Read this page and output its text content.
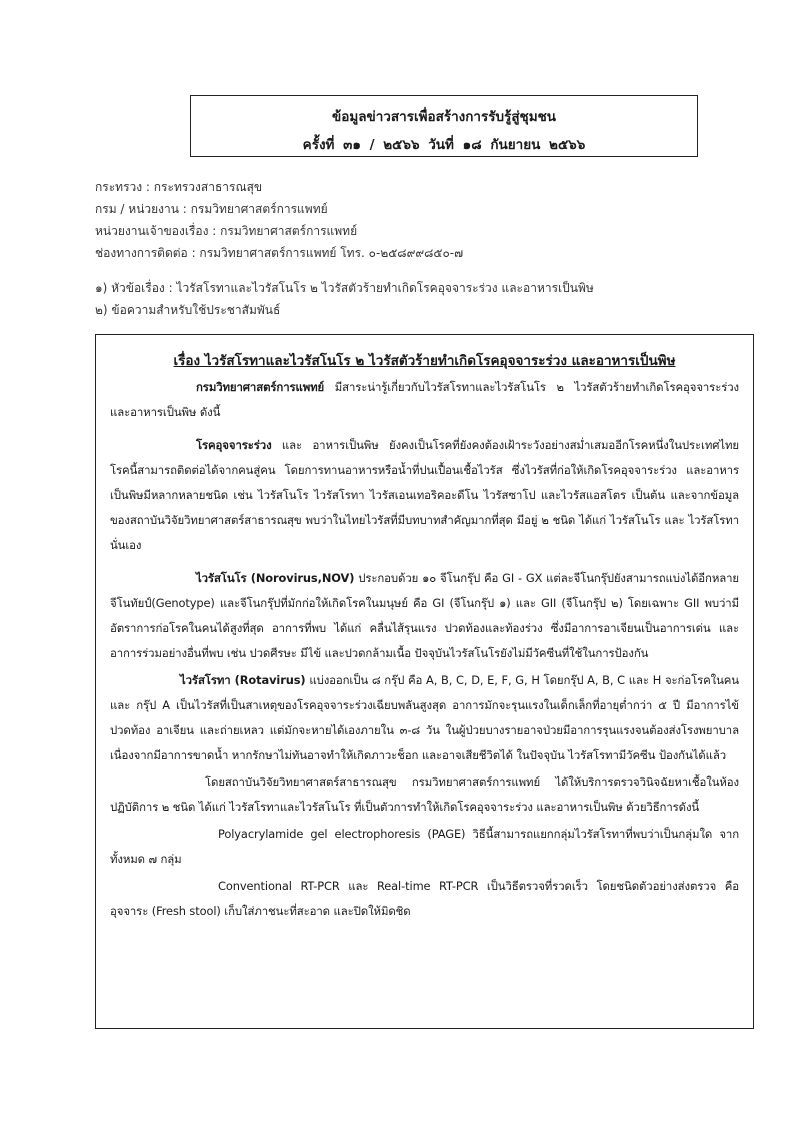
ข้อมูลข่าวสารเพื่อสร้างการรับรู้สู่ชุมชน
ครั้งที่ ๓๑ / ๒๕๖๖ วันที่ ๑๘ กันยายน ๒๕๖๖
กระทรวง : กระทรวงสาธารณสุข
กรม / หน่วยงาน : กรมวิทยาศาสตร์การแพทย์
หน่วยงานเจ้าของเรื่อง : กรมวิทยาศาสตร์การแพทย์
ช่องทางการติดต่อ : กรมวิทยาศาสตร์การแพทย์ โทร. ๐-๒๕๘๙๙๘๕๐-๗
๑) หัวข้อเรื่อง : ไวรัสโรทาและไวรัสโนโร ๒ ไวรัสตัวร้ายทำเกิดโรคอุจจาระร่วง และอาหารเป็นพิษ
๒) ข้อความสำหรับใช้ประชาสัมพันธ์
เรื่อง ไวรัสโรทาและไวรัสโนโร ๒ ไวรัสตัวร้ายทำเกิดโรคอุจจาระร่วง และอาหารเป็นพิษ

กรมวิทยาศาสตร์การแพทย์ มีสาระน่ารู้เกี่ยวกับไวรัสโรทาและไวรัสโนโร ๒ ไวรัสตัวร้ายทำเกิดโรคอุจจาระร่วง และอาหารเป็นพิษ ดังนี้

โรคอุจจาระร่วง และ อาหารเป็นพิษ ยังคงเป็นโรคที่ยังคงต้องเฝ้าระวังอย่างสม่ำเสมออีกโรคหนึ่งในประเทศไทย โรคนี้สามารถติดต่อได้จากคนสู่คน โดยการทานอาหารหรือน้ำที่ปนเปื้อนเชื้อไวรัส ซึ่งไวรัสที่ก่อให้เกิดโรคอุจจาระร่วง และอาหารเป็นพิษมีหลากหลายชนิด เช่น ไวรัสโนโร ไวรัสโรทา ไวรัสเอนเทอริคอะดีโน ไวรัสซาโป และไวรัสแอสโตร เป็นต้น และจากข้อมูลของสถาบันวิจัยวิทยาศาสตร์สาธารณสุข พบว่าในไทยไวรัสที่มีบทบาทสำคัญมากที่สุด มีอยู่ ๒ ชนิด ได้แก่ ไวรัสโนโร และ ไวรัสโรทา นั่นเอง

ไวรัสโนโร (Norovirus,NOV) ประกอบด้วย ๑๐ จีโนกรุ๊ป คือ GI - GX แต่ละจีโนกรุ๊ปยังสามารถแบ่งได้อีกหลายจีโนทัยป์(Genotype) และจีโนกรุ๊ปที่มักก่อให้เกิดโรคในมนุษย์ คือ GI (จีโนกรุ๊ป ๑) และ GII (จีโนกรุ๊ป ๒) โดยเฉพาะ GII พบว่ามีอัตราการก่อโรคในคนได้สูงที่สุด อาการที่พบ ได้แก่ คลื่นไส้รุนแรง ปวดท้องและท้องร่วง ซึ่งมีอาการอาเจียนเป็นอาการเด่น และอาการร่วมอย่างอื่นที่พบ เช่น ปวดศีรษะ มีไข้ และปวดกล้ามเนื้อ ปัจจุบันไวรัสโนโรยังไม่มีวัคซีนที่ใช้ในการป้องกัน

ไวรัสโรทา (Rotavirus) แบ่งออกเป็น ๘ กรุ๊ป คือ A, B, C, D, E, F, G, H โดยกรุ๊ป A, B, C และ H จะก่อโรคในคน และ กรุ๊ป A เป็นไวรัสที่เป็นสาเหตุของโรคอุจจาระร่วงเฉียบพลันสูงสุด อาการมักจะรุนแรงในเด็กเล็กที่อายุต่ำกว่า ๕ ปี มีอาการไข้ ปวดท้อง อาเจียน และถ่ายเหลว แต่มักจะหายได้เองภายใน ๓-๘ วัน ในผู้ป่วยบางรายอาจป่วยมีอาการรุนแรงจนต้องส่งโรงพยาบาล เนื่องจากมีอาการขาดน้ำ หากรักษาไม่ทันอาจทำให้เกิดภาวะช็อก และอาจเสียชีวิตได้ ในปัจจุบัน ไวรัสโรทามีวัคซีน ป้องกันได้แล้ว

โดยสถาบันวิจัยวิทยาศาสตร์สาธารณสุข กรมวิทยาศาสตร์การแพทย์ ได้ให้บริการตรวจวินิจฉัยหาเชื้อในห้องปฏิบัติการ ๒ ชนิด ได้แก่ ไวรัสโรทาและไวรัสโนโร ที่เป็นตัวการทำให้เกิดโรคอุจจาระร่วง และอาหารเป็นพิษ ด้วยวิธีการดังนี้

Polyacrylamide gel electrophoresis (PAGE) วิธีนี้สามารถแยกกลุ่มไวรัสโรทาที่พบว่าเป็นกลุ่มใด จากทั้งหมด ๗ กลุ่ม

Conventional RT-PCR และ Real-time RT-PCR เป็นวิธีตรวจที่รวดเร็ว โดยชนิดตัวอย่างส่งตรวจ คือ อุจจาระ (Fresh stool) เก็บใส่ภาชนะที่สะอาด และปิดให้มิดชิด
